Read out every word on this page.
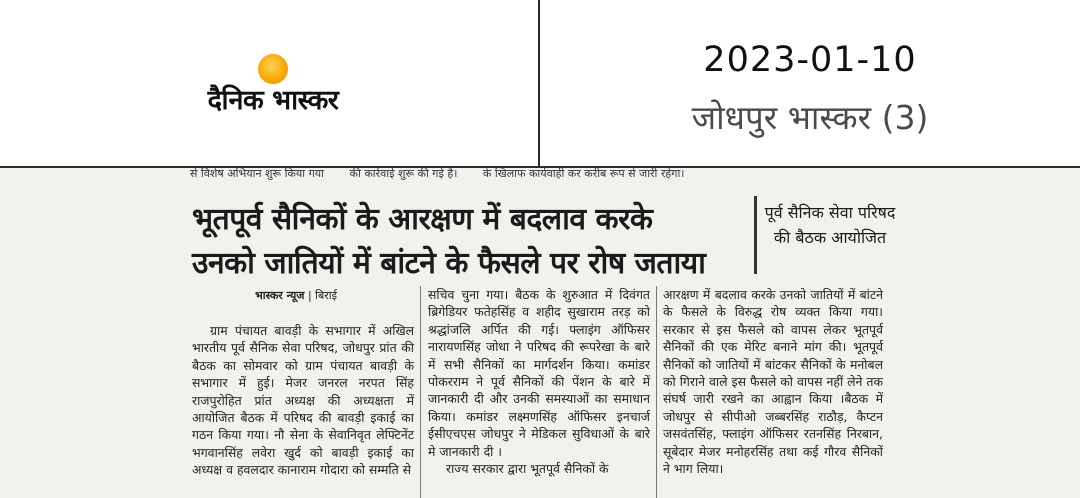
दैनिक भास्कर
2023-01-10
जोधपुर भास्कर (3)
से विशेष अभियान शुरू किया गया की कार्रवाई शुरू की गई है। के खिलाफ कार्यवाही कर करीब रूप से जारी रहेगा।
भूतपूर्व सैनिकों के आरक्षण में बदलाव करके
उनको जातियों में बांटने के फैसले पर रोष जताया
पूर्व सैनिक सेवा परिषद की बैठक आयोजित
भास्कर न्यूज | बिराई

ग्राम पंचायत बावड़ी के सभागार में अखिल भारतीय पूर्व सैनिक सेवा परिषद, जोधपुर प्रांत की बैठक का सोमवार को ग्राम पंचायत बावड़ी के सभागार में हुई। मेजर जनरल नरपत सिंह राजपुरोहित प्रांत अध्यक्ष की अध्यक्षता में आयोजित बैठक में परिषद की बावड़ी इकाई का गठन किया गया। नौ सेना के सेवानिवृत लेफ्टिनेंट भगवानसिंह लवेरा खुर्द को बावड़ी इकाई का अध्यक्ष व हवलदार कानाराम गोदारा को सम्मति से

सचिव चुना गया। बैठक के शुरुआत में दिवंगत ब्रिगेडियर फतेहसिंह व शहीद सुखाराम तरड़ को श्रद्धांजलि अर्पित की गई। फ्लाइंग ऑफिसर नारायणसिंह जोधा ने परिषद की रूपरेखा के बारे में सभी सैनिकों का मार्गदर्शन किया। कमांडर पोकरराम ने पूर्व सैनिकों की पेंशन के बारे में जानकारी दी और उनकी समस्याओं का समाधान किया। कमांडर लक्ष्मणसिंह ऑफिसर इनचार्ज ईसीएचएस जोधपुर ने मेडिकल सुविधाओं के बारे मे जानकारी दी ।

राज्य सरकार द्वारा भूतपूर्व सैनिकों के

आरक्षण में बदलाव करके उनको जातियों में बांटने के फैसले के विरुद्ध रोष व्यक्त किया गया। सरकार से इस फैसले को वापस लेकर भूतपूर्व सैनिकों की एक मेरिट बनाने मांग की। भूतपूर्व सैनिकों को जातियों में बांटकर सैनिकों के मनोबल को गिराने वाले इस फैसले को वापस नहीं लेने तक संघर्ष जारी रखने का आह्वान किया ।बैठक में जोधपुर से सीपीओ जब्बरसिंह राठौड़, कैप्टन जसवंतसिंह, फ्लाइंग ऑफिसर रतनसिंह निरबान, सूबेदार मेजर मनोहरसिंह तथा कई गौरव सैनिकों ने भाग लिया।
